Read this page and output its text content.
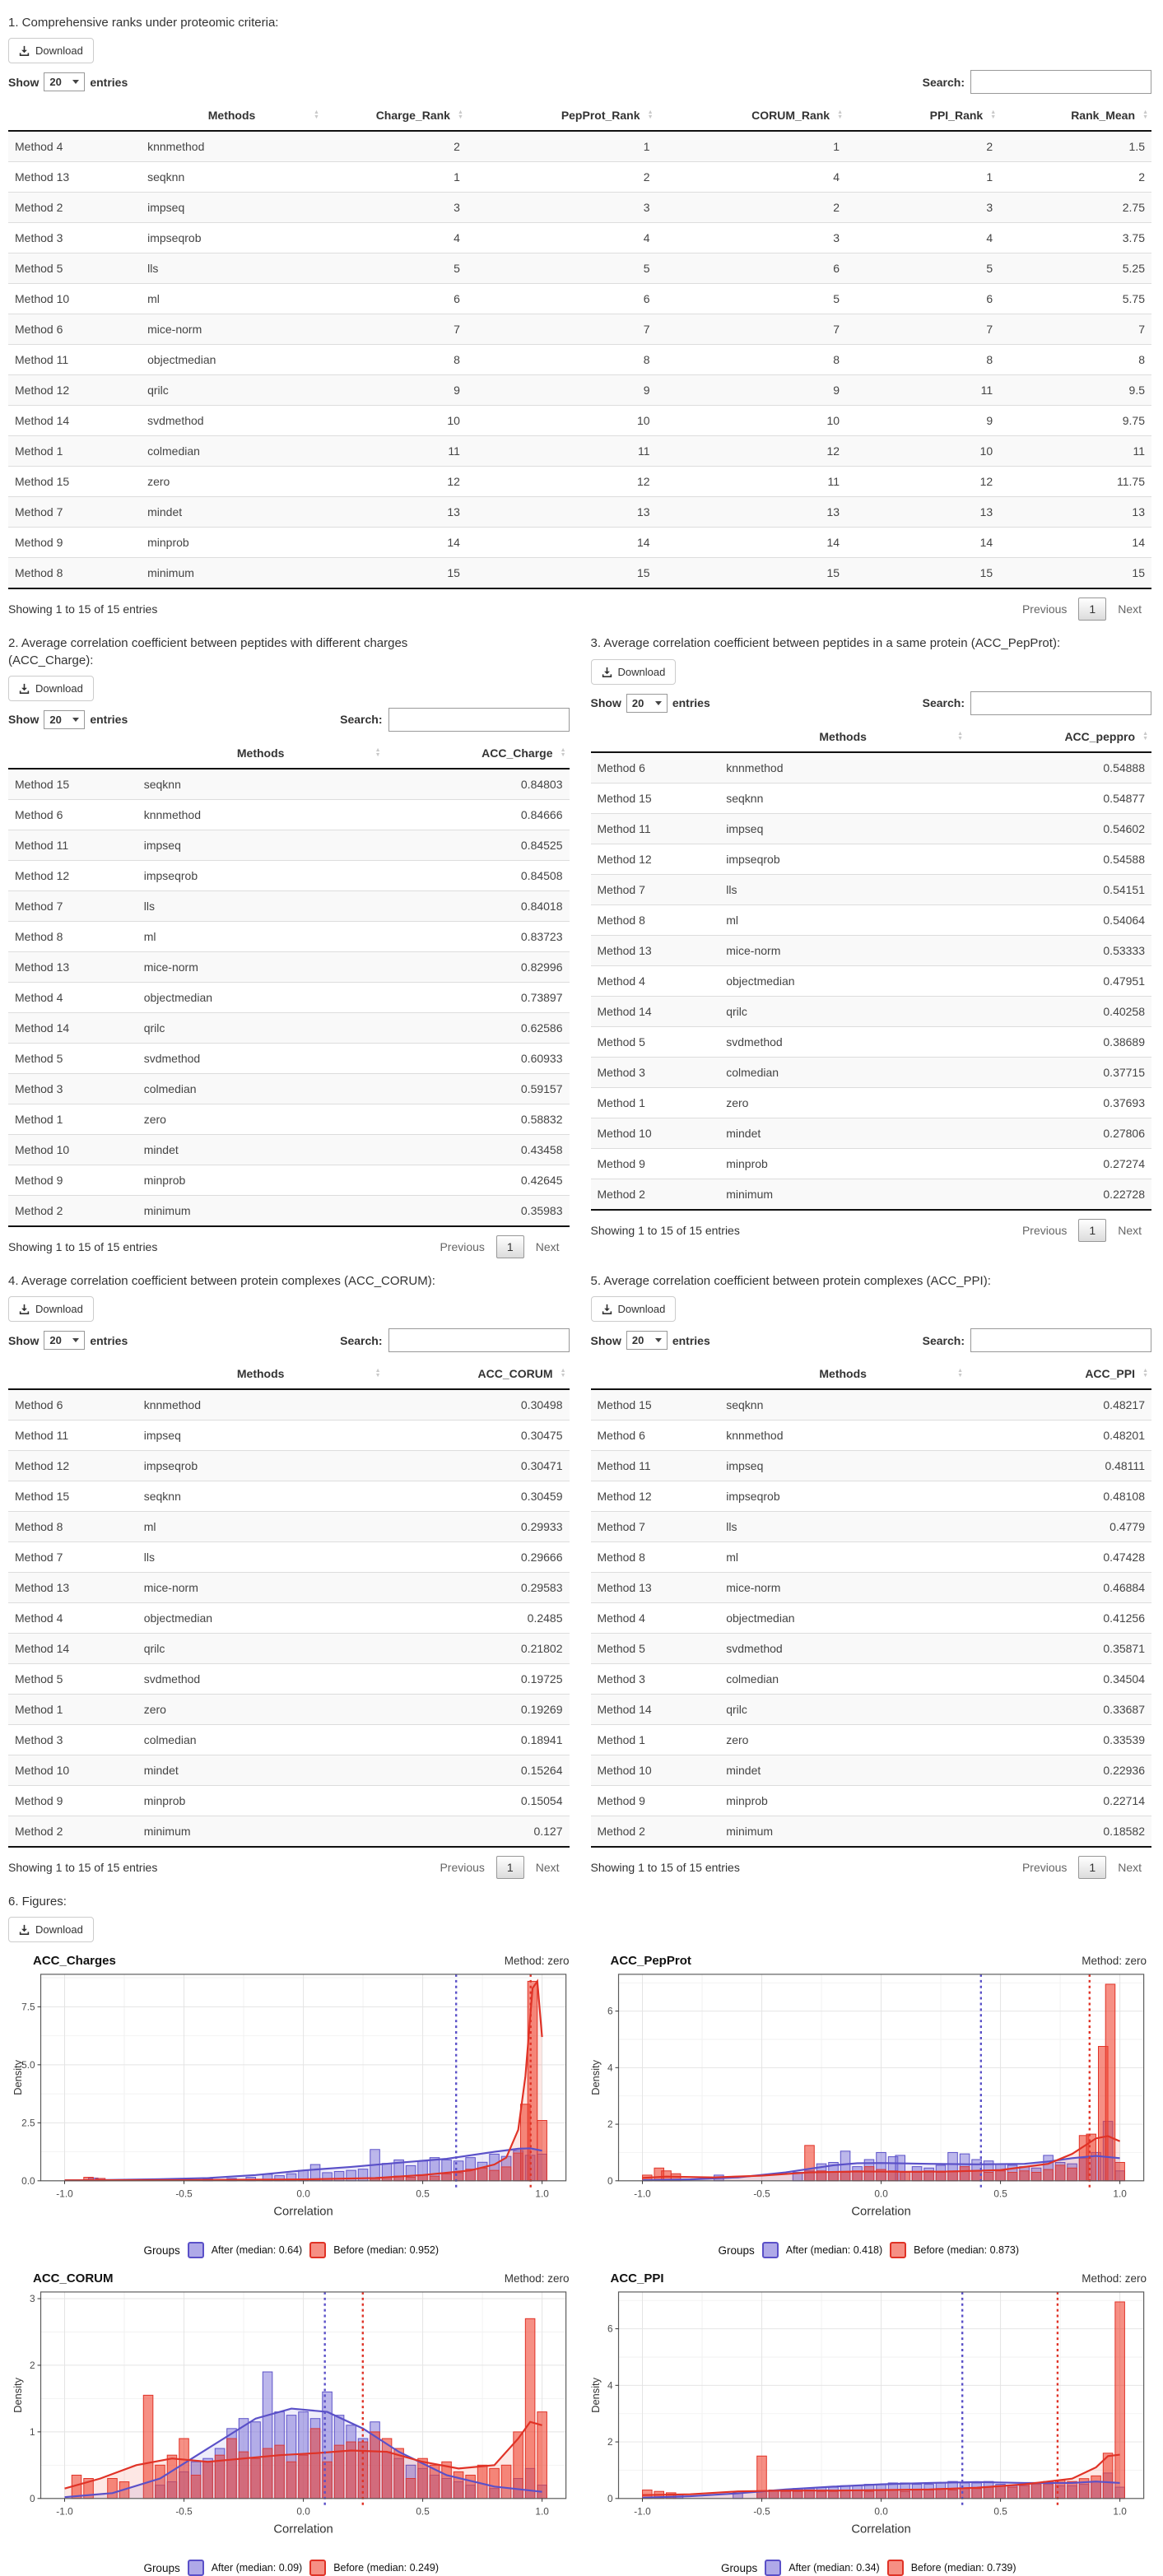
1. Comprehensive ranks under proteomic criteria:
Download
Show 20 entries	Search:
	Methods ▲
▼	Charge_Rank ▲
▼	PepProt_Rank ▲
▼	CORUM_Rank ▲
▼	PPI_Rank ▲
▼	Rank_Mean ▲
▼

Method 4	knnmethod	2	1	1	2	1.5
Method 13	seqknn	1	2	4	1	2
Method 2	impseq	3	3	2	3	2.75
Method 3	impseqrob	4	4	3	4	3.75
Method 5	lls	5	5	6	5	5.25
Method 10	ml	6	6	5	6	5.75
Method 6	mice-norm	7	7	7	7	7
Method 11	objectmedian	8	8	8	8	8
Method 12	qrilc	9	9	9	11	9.5
Method 14	svdmethod	10	10	10	9	9.75
Method 1	colmedian	11	11	12	10	11
Method 15	zero	12	12	11	12	11.75
Method 7	mindet	13	13	13	13	13
Method 9	minprob	14	14	14	14	14
Method 8	minimum	15	15	15	15	15
Showing 1 to 15 of 15 entries	Previous	1	Next
2. Average correlation coefficient between peptides with different charges (ACC_Charge):
Download
Show 20 entries	Search:
	Methods ▲
▼	ACC_Charge ▲
▼

Method 15	seqknn	0.84803
Method 6	knnmethod	0.84666
Method 11	impseq	0.84525
Method 12	impseqrob	0.84508
Method 7	lls	0.84018
Method 8	ml	0.83723
Method 13	mice-norm	0.82996
Method 4	objectmedian	0.73897
Method 14	qrilc	0.62586
Method 5	svdmethod	0.60933
Method 3	colmedian	0.59157
Method 1	zero	0.58832
Method 10	mindet	0.43458
Method 9	minprob	0.42645
Method 2	minimum	0.35983
Showing 1 to 15 of 15 entries	Previous	1	Next
3. Average correlation coefficient between peptides in a same protein (ACC_PepProt):
Download
Show 20 entries	Search:
	Methods ▲
▼	ACC_peppro ▲
▼

Method 6	knnmethod	0.54888
Method 15	seqknn	0.54877
Method 11	impseq	0.54602
Method 12	impseqrob	0.54588
Method 7	lls	0.54151
Method 8	ml	0.54064
Method 13	mice-norm	0.53333
Method 4	objectmedian	0.47951
Method 14	qrilc	0.40258
Method 5	svdmethod	0.38689
Method 3	colmedian	0.37715
Method 1	zero	0.37693
Method 10	mindet	0.27806
Method 9	minprob	0.27274
Method 2	minimum	0.22728
Showing 1 to 15 of 15 entries	Previous	1	Next
4. Average correlation coefficient between protein complexes (ACC_CORUM):
Download
Show 20 entries	Search:
	Methods ▲
▼	ACC_CORUM ▲
▼

Method 6	knnmethod	0.30498
Method 11	impseq	0.30475
Method 12	impseqrob	0.30471
Method 15	seqknn	0.30459
Method 8	ml	0.29933
Method 7	lls	0.29666
Method 13	mice-norm	0.29583
Method 4	objectmedian	0.2485
Method 14	qrilc	0.21802
Method 5	svdmethod	0.19725
Method 1	zero	0.19269
Method 3	colmedian	0.18941
Method 10	mindet	0.15264
Method 9	minprob	0.15054
Method 2	minimum	0.127
Showing 1 to 15 of 15 entries	Previous	1	Next
5. Average correlation coefficient between protein complexes (ACC_PPI):
Download
Show 20 entries	Search:
	Methods ▲
▼	ACC_PPI ▲
▼

Method 15	seqknn	0.48217
Method 6	knnmethod	0.48201
Method 11	impseq	0.48111
Method 12	impseqrob	0.48108
Method 7	lls	0.4779
Method 8	ml	0.47428
Method 13	mice-norm	0.46884
Method 4	objectmedian	0.41256
Method 5	svdmethod	0.35871
Method 3	colmedian	0.34504
Method 14	qrilc	0.33687
Method 1	zero	0.33539
Method 10	mindet	0.22936
Method 9	minprob	0.22714
Method 2	minimum	0.18582
Showing 1 to 15 of 15 entries	Previous	1	Next
6. Figures:
Download
ACC_Charges	Method: zero
0.0
2.5
5.0
7.5
-1.0	-0.5	0.0	0.5	1.0
Correlation
Density
Groups	After (median: 0.64)	Before (median: 0.952)
ACC_PepProt	Method: zero
0
2
4
6
-1.0	-0.5	0.0	0.5	1.0
Correlation
Density
Groups	After (median: 0.418)	Before (median: 0.873)
ACC_CORUM	Method: zero
0
1
2
3
-1.0	-0.5	0.0	0.5	1.0
Correlation
Density
Groups	After (median: 0.09)	Before (median: 0.249)
ACC_PPI	Method: zero
0
2
4
6
-1.0	-0.5	0.0	0.5	1.0
Correlation
Density
Groups	After (median: 0.34)	Before (median: 0.739)
